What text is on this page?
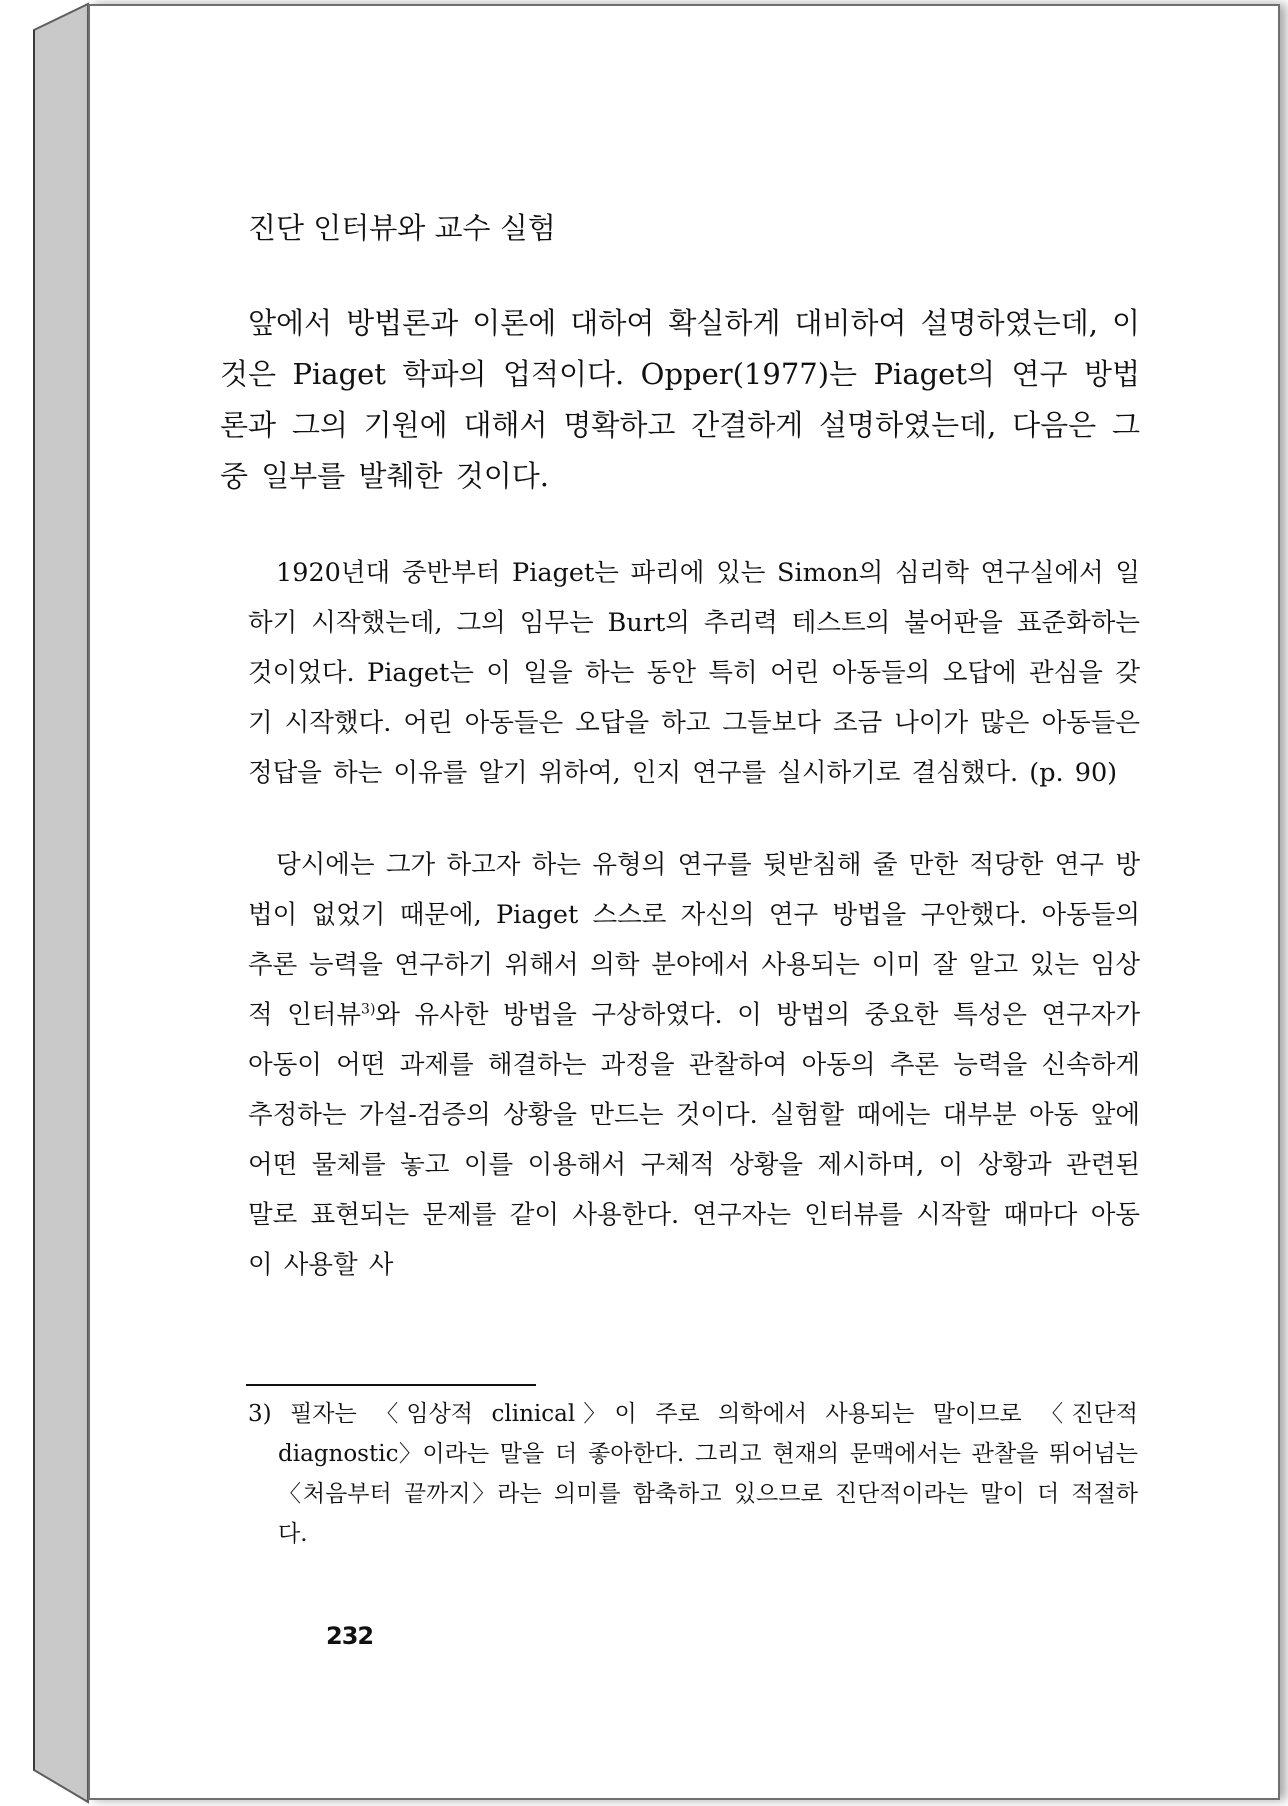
진단 인터뷰와 교수 실험

앞에서 방법론과 이론에 대하여 확실하게 대비하여 설명하였는데, 이것은 Piaget 학파의 업적이다. Opper(1977)는 Piaget의 연구 방법론과 그의 기원에 대해서 명확하고 간결하게 설명하였는데, 다음은 그 중 일부를 발췌한 것이다.

1920년대 중반부터 Piaget는 파리에 있는 Simon의 심리학 연구실에서 일하기 시작했는데, 그의 임무는 Burt의 추리력 테스트의 불어판을 표준화하는 것이었다. Piaget는 이 일을 하는 동안 특히 어린 아동들의 오답에 관심을 갖기 시작했다. 어린 아동들은 오답을 하고 그들보다 조금 나이가 많은 아동들은 정답을 하는 이유를 알기 위하여, 인지 연구를 실시하기로 결심했다. (p. 90)

당시에는 그가 하고자 하는 유형의 연구를 뒷받침해 줄 만한 적당한 연구 방법이 없었기 때문에, Piaget 스스로 자신의 연구 방법을 구안했다. 아동들의 추론 능력을 연구하기 위해서 의학 분야에서 사용되는 이미 잘 알고 있는 임상적 인터뷰$^{3)}$와 유사한 방법을 구상하였다. 이 방법의 중요한 특성은 연구자가 아동이 어떤 과제를 해결하는 과정을 관찰하여 아동의 추론 능력을 신속하게 추정하는 가설-검증의 상황을 만드는 것이다. 실험할 때에는 대부분 아동 앞에 어떤 물체를 놓고 이를 이용해서 구체적 상황을 제시하며, 이 상황과 관련된 말로 표현되는 문제를 같이 사용한다. 연구자는 인터뷰를 시작할 때마다 아동이 사용할 사

3) 필자는 〈임상적 clinical〉이 주로 의학에서 사용되는 말이므로 〈진단적 diagnostic〉이라는 말을 더 좋아한다. 그리고 현재의 문맥에서는 관찰을 뛰어넘는 〈처음부터 끝까지〉라는 의미를 함축하고 있으므로 진단적이라는 말이 더 적절하다.

232
